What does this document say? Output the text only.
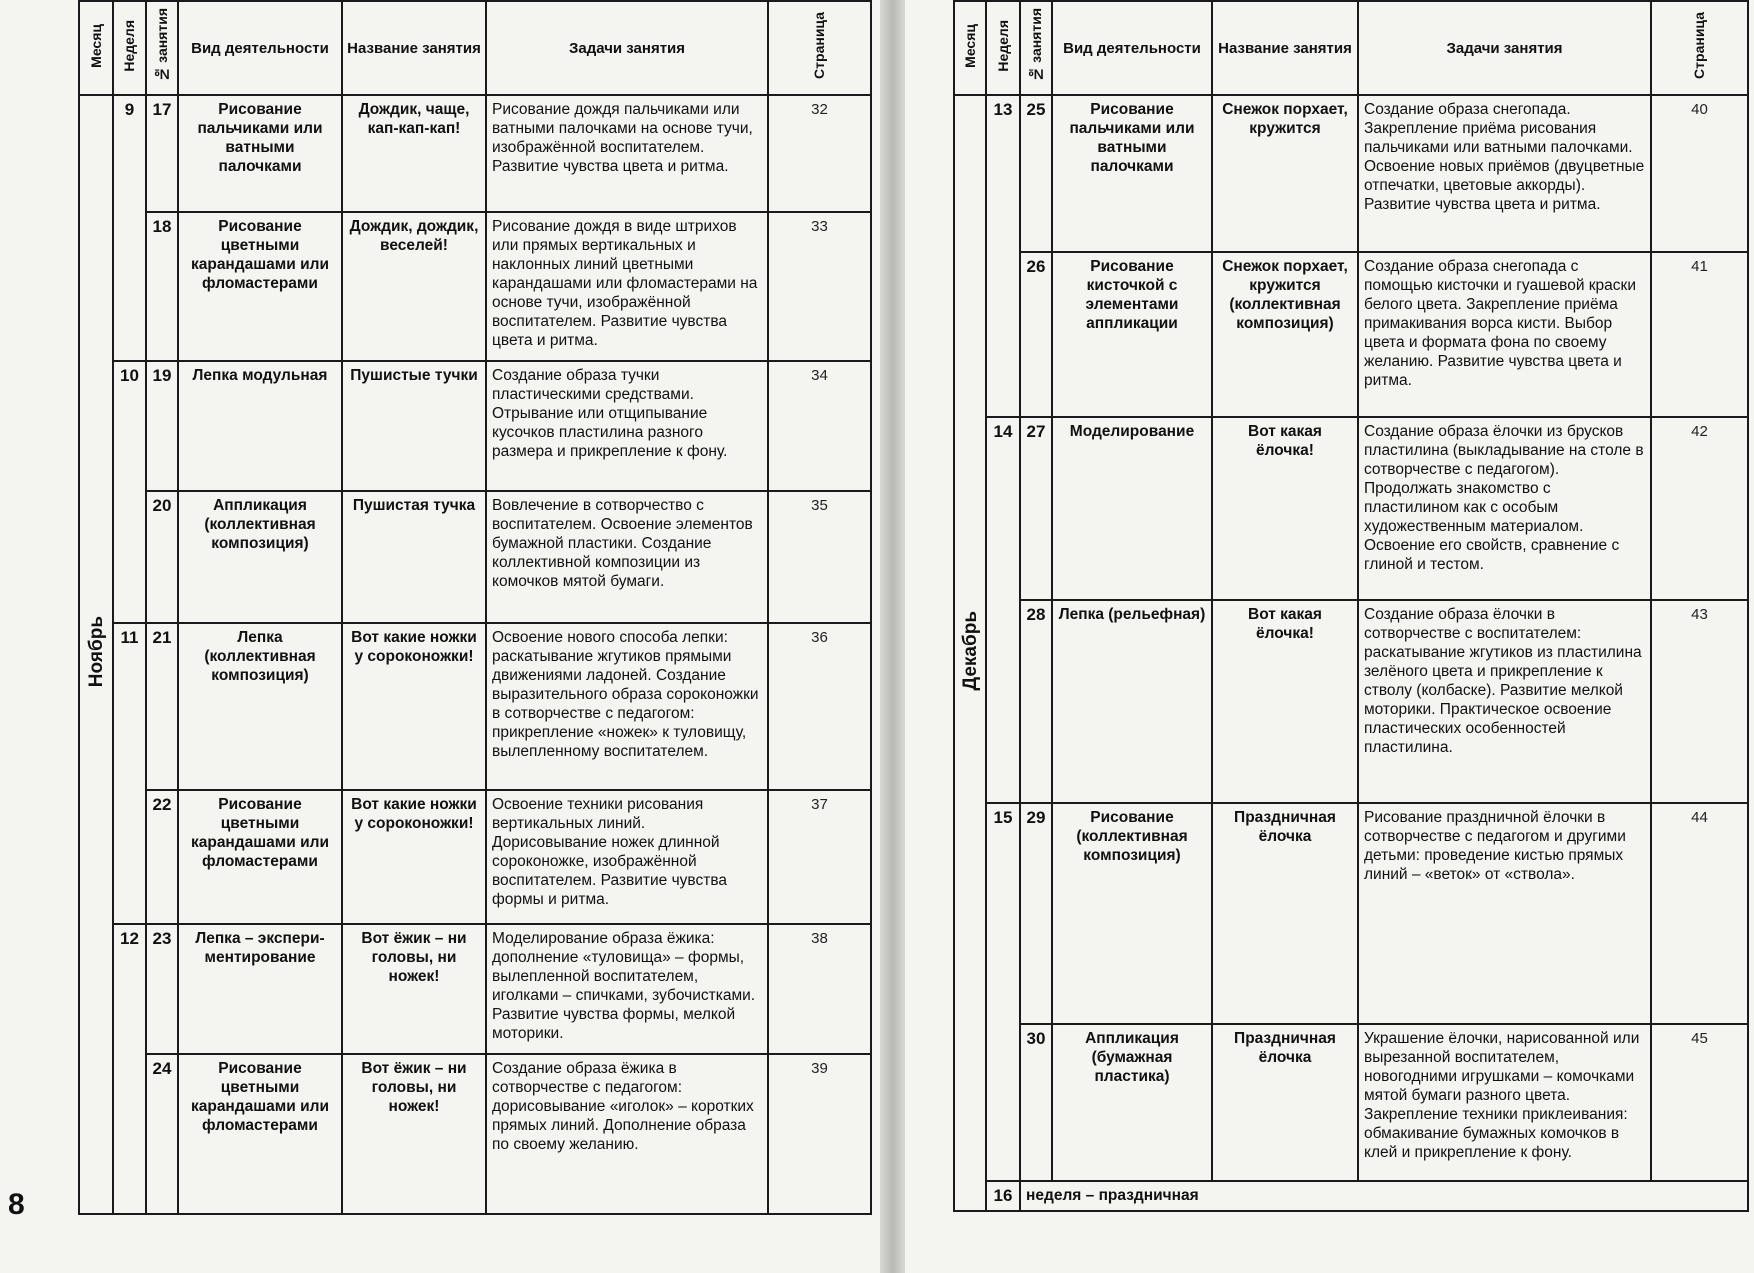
Месяц	Неделя	№ занятия	Вид деятельности	Название занятия	Задачи занятия	Страница
Ноябрь	9	17	Рисование пальчиками или ватными палочками	Дождик, чаще, кап-кап-кап!	Рисование дождя пальчиками или ватными палочками на основе тучи, изображённой воспитателем. Развитие чувства цвета и ритма.	32
		18	Рисование цветными карандашами или фломастерами	Дождик, дождик, веселей!	Рисование дождя в виде штрихов или прямых вертикальных и наклонных линий цветными карандашами или фломастерами на основе тучи, изображённой воспитателем. Развитие чувства цвета и ритма.	33
	10	19	Лепка модульная	Пушистые тучки	Создание образа тучки пластическими средствами. Отрывание или отщипывание кусочков пластилина разного размера и прикрепление к фону.	34
		20	Аппликация (коллективная композиция)	Пушистая тучка	Вовлечение в сотворчество с воспитателем. Освоение элементов бумажной пластики. Создание коллективной композиции из комочков мятой бумаги.	35
	11	21	Лепка (коллективная композиция)	Вот какие ножки у сороконожки!	Освоение нового способа лепки: раскатывание жгутиков прямыми движениями ладоней. Создание выразительного образа сороконожки в сотворчестве с педагогом: прикрепление «ножек» к туловищу, вылепленному воспитателем.	36
		22	Рисование цветными карандашами или фломастерами	Вот какие ножки у сороконожки!	Освоение техники рисования вертикальных линий. Дорисовывание ножек длинной сороконожке, изображённой воспитателем. Развитие чувства формы и ритма.	37
	12	23	Лепка – экспери- ментирование	Вот ёжик – ни головы, ни ножек!	Моделирование образа ёжика: дополнение «туловища» – формы, вылепленной воспитателем, иголками – спичками, зубочистками. Развитие чувства формы, мелкой моторики.	38
		24	Рисование цветными карандашами или фломастерами	Вот ёжик – ни головы, ни ножек!	Создание образа ёжика в сотворчестве с педагогом: дорисовывание «иголок» – коротких прямых линий. Дополнение образа по своему желанию.	39
8
Месяц	Неделя	№ занятия	Вид деятельности	Название занятия	Задачи занятия	Страница
Декабрь	13	25	Рисование пальчиками или ватными палочками	Снежок порхает, кружится	Создание образа снегопада. Закрепление приёма рисования пальчиками или ватными палочками. Освоение новых приёмов (двуцветные отпечатки, цветовые аккорды). Развитие чувства цвета и ритма.	40
		26	Рисование кисточкой с элементами аппликации	Снежок порхает, кружится (коллективная композиция)	Создание образа снегопада с помощью кисточки и гуашевой краски белого цвета. Закрепление приёма примакивания ворса кисти. Выбор цвета и формата фона по своему желанию. Развитие чувства цвета и ритма.	41
	14	27	Моделирование	Вот какая ёлочка!	Создание образа ёлочки из брусков пластилина (выкладывание на столе в сотворчестве с педагогом). Продолжать знакомство с пластилином как с особым художественным материалом. Освоение его свойств, сравнение с глиной и тестом.	42
		28	Лепка (рельефная)	Вот какая ёлочка!	Создание образа ёлочки в сотворчестве с воспитателем: раскатывание жгутиков из пластилина зелёного цвета и прикрепление к стволу (колбаске). Развитие мелкой моторики. Практическое освоение пластических особенностей пластилина.	43
	15	29	Рисование (коллективная композиция)	Праздничная ёлочка	Рисование праздничной ёлочки в сотворчестве с педагогом и другими детьми: проведение кистью прямых линий – «веток» от «ствола».	44
		30	Аппликация (бумажная пластика)	Праздничная ёлочка	Украшение ёлочки, нарисованной или вырезанной воспитателем, новогодними игрушками – комочками мятой бумаги разного цвета. Закрепление техники приклеивания: обмакивание бумажных комочков в клей и прикрепление к фону.	45
	16	неделя – праздничная				
